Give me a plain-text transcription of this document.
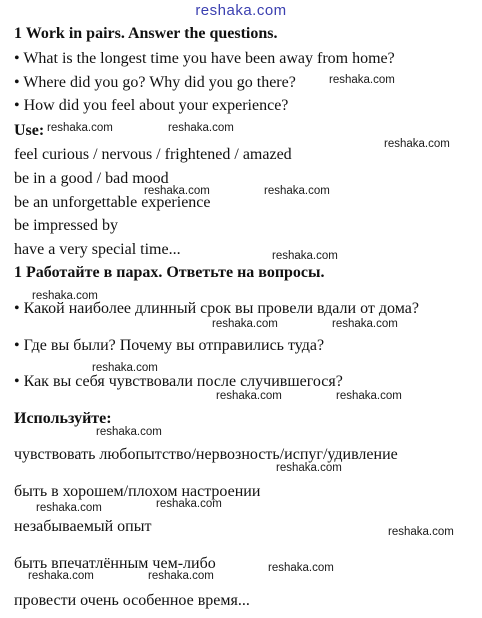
reshaka.com
1 Work in pairs. Answer the questions.
• What is the longest time you have been away from home?
• Where did you go? Why did you go there?
• How did you feel about your experience?
Use:
feel curious / nervous / frightened / amazed
be in a good / bad mood
be an unforgettable experience
be impressed by
have a very special time...
1 Работайте в парах. Ответьте на вопросы.
• Какой наиболее длинный срок вы провели вдали от дома?
• Где вы были? Почему вы отправились туда?
• Как вы себя чувствовали после случившегося?
Используйте:
чувствовать любопытство/нервозность/испуг/удивление
быть в хорошем/плохом настроении
незабываемый опыт
быть впечатлённым чем-либо
провести очень особенное время...
reshaka.com
reshaka.com	reshaka.com
reshaka.com
reshaka.com	reshaka.com
reshaka.com
reshaka.com
reshaka.com	reshaka.com
reshaka.com
reshaka.com	reshaka.com
reshaka.com
reshaka.com
reshaka.com	reshaka.com
reshaka.com
reshaka.com
reshaka.com	reshaka.com
